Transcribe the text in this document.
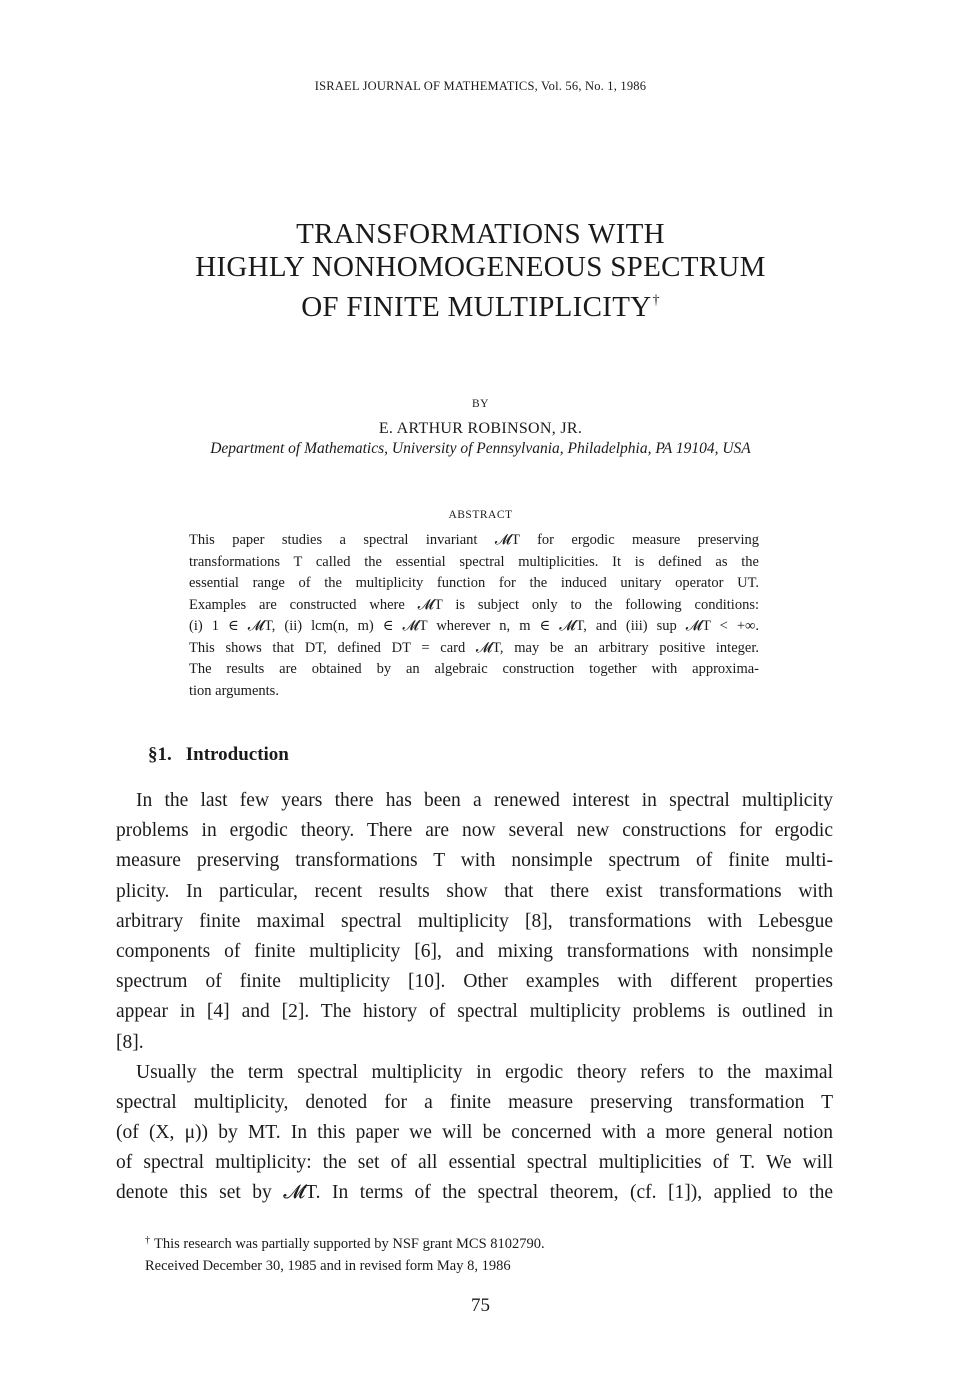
ISRAEL JOURNAL OF MATHEMATICS, Vol. 56, No. 1, 1986
TRANSFORMATIONS WITH
HIGHLY NONHOMOGENEOUS SPECTRUM
OF FINITE MULTIPLICITY†
BY
E. ARTHUR ROBINSON, JR.
Department of Mathematics, University of Pennsylvania, Philadelphia, PA 19104, USA
ABSTRACT
This paper studies a spectral invariant 𝓜T for ergodic measure preserving
transformations T called the essential spectral multiplicities. It is defined as the
essential range of the multiplicity function for the induced unitary operator UT.
Examples are constructed where 𝓜T is subject only to the following conditions:
(i) 1 ∈ 𝓜T, (ii) lcm(n, m) ∈ 𝓜T wherever n, m ∈ 𝓜T, and (iii) sup 𝓜T < +∞.
This shows that DT, defined DT = card 𝓜T, may be an arbitrary positive integer.
The results are obtained by an algebraic construction together with approxima-
tion arguments.
§1. Introduction
In the last few years there has been a renewed interest in spectral multiplicity
problems in ergodic theory. There are now several new constructions for ergodic
measure preserving transformations T with nonsimple spectrum of finite multi-
plicity. In particular, recent results show that there exist transformations with
arbitrary finite maximal spectral multiplicity [8], transformations with Lebesgue
components of finite multiplicity [6], and mixing transformations with nonsimple
spectrum of finite multiplicity [10]. Other examples with different properties
appear in [4] and [2]. The history of spectral multiplicity problems is outlined in
[8].
Usually the term spectral multiplicity in ergodic theory refers to the maximal
spectral multiplicity, denoted for a finite measure preserving transformation T
(of (X, μ)) by MT. In this paper we will be concerned with a more general notion
of spectral multiplicity: the set of all essential spectral multiplicities of T. We will
denote this set by 𝓜T. In terms of the spectral theorem, (cf. [1]), applied to the
† This research was partially supported by NSF grant MCS 8102790.
Received December 30, 1985 and in revised form May 8, 1986
75
